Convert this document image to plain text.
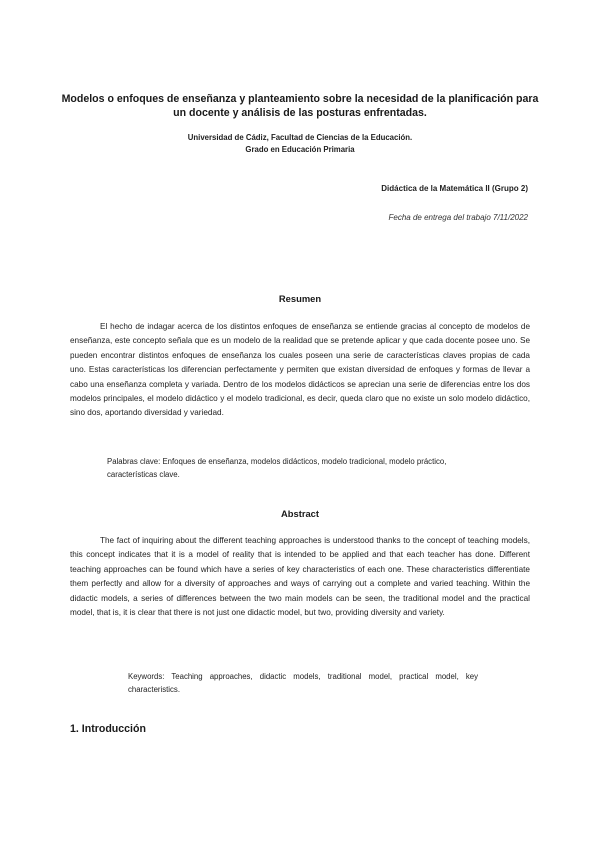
Modelos o enfoques de enseñanza y planteamiento sobre la necesidad de la planificación para un docente y análisis de las posturas enfrentadas.
Universidad de Cádiz, Facultad de Ciencias de la Educación.
Grado en Educación Primaria
Didáctica de la Matemática II (Grupo 2)
Fecha de entrega del trabajo 7/11/2022
Resumen

El hecho de indagar acerca de los distintos enfoques de enseñanza se entiende gracias al concepto de modelos de enseñanza, este concepto señala que es un modelo de la realidad que se pretende aplicar y que cada docente posee uno. Se pueden encontrar distintos enfoques de enseñanza los cuales poseen una serie de características claves propias de cada uno. Estas características los diferencian perfectamente y permiten que existan diversidad de enfoques y formas de llevar a cabo una enseñanza completa y variada. Dentro de los modelos didácticos se aprecian una serie de diferencias entre los dos modelos principales, el modelo didáctico y el modelo tradicional, es decir, queda claro que no existe un solo modelo didáctico, sino dos, aportando diversidad y variedad.

Palabras clave: Enfoques de enseñanza, modelos didácticos, modelo tradicional, modelo práctico, características clave.

Abstract

The fact of inquiring about the different teaching approaches is understood thanks to the concept of teaching models, this concept indicates that it is a model of reality that is intended to be applied and that each teacher has done. Different teaching approaches can be found which have a series of key characteristics of each one. These characteristics differentiate them perfectly and allow for a diversity of approaches and ways of carrying out a complete and varied teaching. Within the didactic models, a series of differences between the two main models can be seen, the traditional model and the practical model, that is, it is clear that there is not just one didactic model, but two, providing diversity and variety.

Keywords: Teaching approaches, didactic models, traditional model, practical model, key characteristics.

1. Introducción
